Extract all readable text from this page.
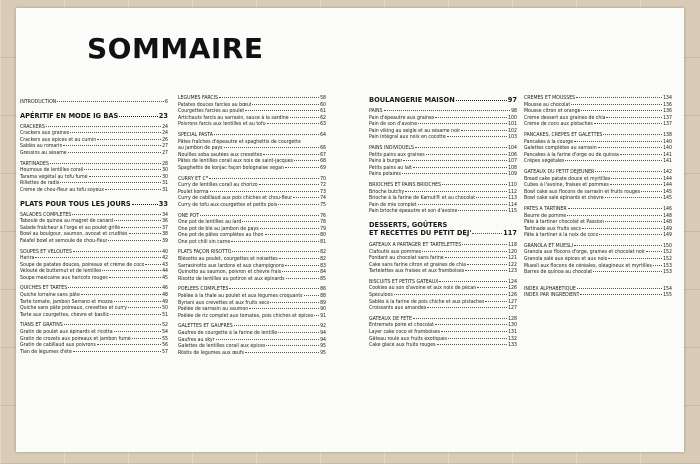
SOMMAIRE
INTRODUCTION	6
APÉRITIF EN MODE IG BAS	23
CRACKERS	24
Crackers aux graines	24
Crackers aux épices et au cumin	26
Sablés au romarin	27
Gressins au sésame	27
TARTINADES	28
Houmous de lentilles corail	30
Tarama végétal au tofu fumé	30
Rillettes de radis	31
Crème de chou-fleur au tofu soyeux	31
PLATS POUR TOUS LES JOURS	33
SALADES COMPLÈTES	34
Taboulé de quinoa au magret de canard	36
Salade fraîcheur à l'orge et au poulet grillé	37
Bowl au boulgour, saumon, avocat et crudités	38
Falafel bowl et semoule de chou-fleur	39
SOUPES ET VELOUTÉS	40
Harira	42
Soupe de patates douces, poireaux et crème de coco	43
Velouté de butternut et de lentilles	44
Soupe mexicaine aux haricots rouges	45
QUICHES ET TARTES	46
Quiche lorraine sans pâte	48
Tarte tomate, jambon Serrano et mozza	49
Quiche sans pâte poireaux, crevettes et curry	50
Tarte aux courgettes, chèvre et basilic	51
TIANS ET GRATINS	52
Gratin de poulet aux épinards et ricotta	54
Gratin de crozets aux poireaux et jambon fumé	55
Gratin de cabillaud aux poivrons	56
Tian de légumes d'été	57
LÉGUMES FARCIS	58
Patates douces farcies au bœuf	60
Courgettes farcies au poulet	61
Artichauts farcis au sarrasin, sauce à la sardine	62
Poivrons farcis aux lentilles et au tofu	63
SPÉCIAL PASTA	64
Pâtes fraîches d'épeautre et spaghettis de courgette
au jambon de pays	66
Nouilles soba sautées aux crevettes	67
Pâtes de lentilles corail aux noix de saint-jacques	68
Spaghettis de konjac façon bolognaise vegan	69
CURRY ET Cᴵᴱ	70
Curry de lentilles corail au chorizo	72
Poulet korma	73
Curry de cabillaud aux pois chiches et chou-fleur	74
Curry de tofu aux courgettes et petits pois	75
ONE POT	76
One pot de lentilles au lard	78
One pot de blé au jambon de pays	79
One pot de pâtes complètes au thon	80
One pot chili sin carne	81
PLATS FAÇON RISOTTO	82
Blésotto au poulet, courgettes et noisettes	82
Sarrasinotto aux lardons et aux champignons	83
Quinotto au saumon, poivron et chèvre frais	84
Risotto de lentilles au potiron et aux épinards	85
POÊLÉES COMPLÈTES	86
Poêlée à la thaïe au poulet et aux légumes croquants	88
Byriani aux crevettes et aux fruits secs	89
Poêlée de sarrasin au saumon	90
Poêlée de riz complet aux tomates, pois chiches et épices 91
GALETTES ET GAUFRES	92
Gaufres de courgette à la farine de lentille	94
Gaufres au skyr	94
Galettes de lentilles corail aux épices	95
Röstis de légumes aux œufs	95
BOULANGERIE MAISON	97
PAINS	98
Pain d'épeautre aux graines	100
Pain de son d'avoine	101
Pain viking au seigle et au sésame noir	102
Pain intégral aux noix en cocotte	103
PAINS INDIVIDUELS	104
Petits pains aux graines	106
Pains à burger	107
Petits pains au lait	108
Pains polaires	109
BRIOCHES ET PAINS BRIOCHÉS	110
Brioche butchy	112
Brioche à la farine de Kamut® et au chocolat	113
Pain de mie complet	114
Pain brioché épeautre et son d'avoine	115
DESSERTS, GOÛTERS
ET RECETTES DU PETIT DÉJ'	117
GÂTEAUX À PARTAGER ET TARTELETTES	118
Clafoutis aux pommes	120
Fondant au chocolat sans farine	121
Cake sans farine citron et graines de chia	122
Tartelettes aux fraises et aux framboises	123
BISCUITS ET PETITS GÂTEAUX	124
Cookies au son d'avoine et aux noix de pécan	126
Spéculoos	126
Sablés à la farine de pois chiche et aux pistaches	127
Croissants aux amandes	127
GÂTEAUX DE FÊTE	128
Entremets poire et chocolat	130
Layer cake coco et framboises	131
Gâteau roulé aux fruits exotiques	132
Cake glacé aux fruits rouges	133
CRÈMES ET MOUSSES	134
Mousse au chocolat	136
Mousse citron et orange	136
Crème dessert aux graines de chia	137
Crème de coco aux pistaches	137
PANCAKES, CRÊPES ET GALETTES	138
Pancakes à la courge	140
Galettes complètes au sarrasin	140
Pancakes à la farine d'orge ou de quinoa	141
Crêpes végétales	141
GÂTEAUX DU PETIT DÉJEUNER	142
Bread cake patate douce et myrtilles	144
Cubes à l'avoine, fraises et pommes	144
Bowl cake aux flocons de sarrasin et fruits rouges	145
Bowl cake salé épinards et chèvre	145
PÂTES À TARTINER	146
Beurre de pomme	148
Pâte à tartiner chocolat et Passion	148
Tartinade aux fruits secs	149
Pâte à tartiner à la noix de coco	149
GRANOLA ET MUESLI	150
Granola aux flocons d'orge, graines et chocolat noir	152
Granola salé aux épices et aux noix	152
Muesli aux flocons de céréales, oléagineux et myrtilles 153
Barres de quinoa au chocolat	153
INDEX ALPHABÉTIQUE	154
INDEX PAR INGRÉDIENT	155
